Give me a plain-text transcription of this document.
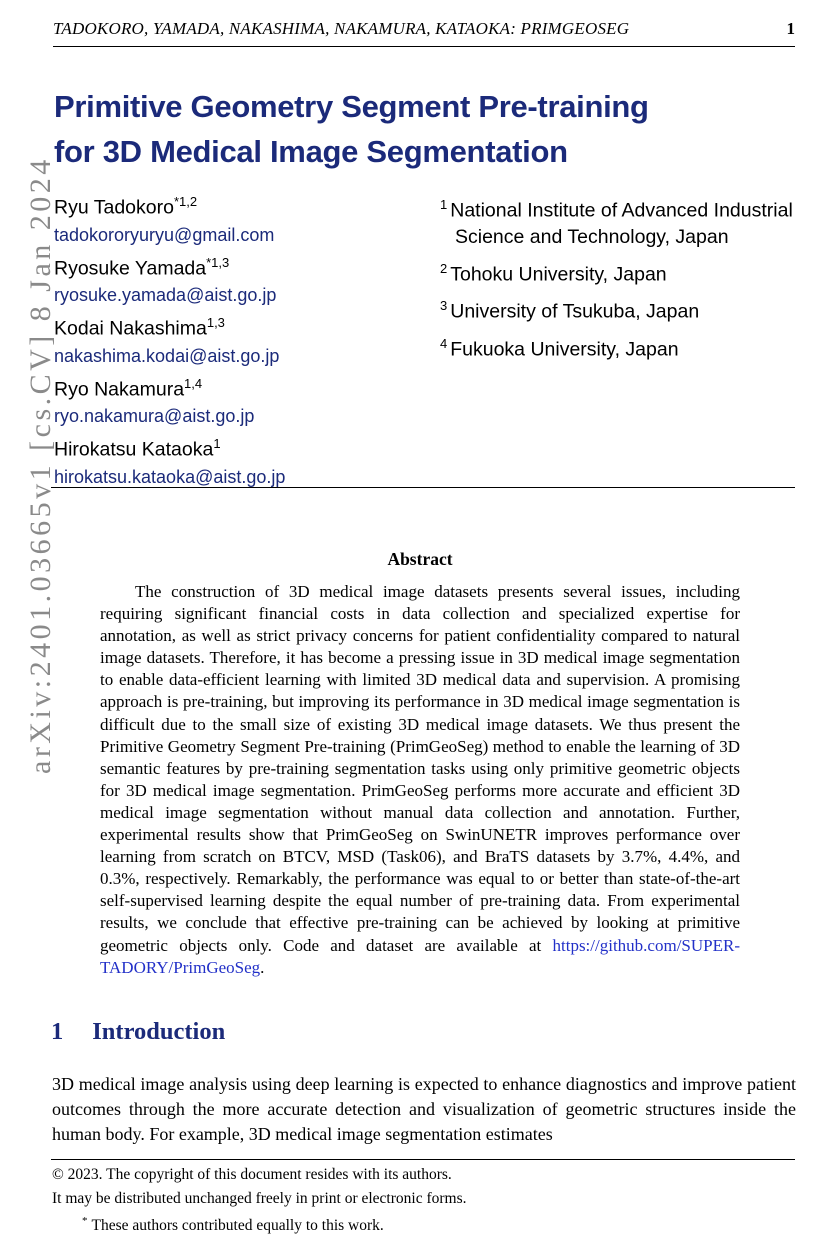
TADOKORO, YAMADA, NAKASHIMA, NAKAMURA, KATAOKA: PRIMGEOSEG	1
arXiv:2401.03665v1 [cs.CV] 8 Jan 2024
Primitive Geometry Segment Pre-training
for 3D Medical Image Segmentation
Ryu Tadokoro$^{*1,2}$
tadokororyuryu@gmail.com
Ryosuke Yamada$^{*1,3}$
ryosuke.yamada@aist.go.jp
Kodai Nakashima$^{1,3}$
nakashima.kodai@aist.go.jp
Ryo Nakamura$^{1,4}$
ryo.nakamura@aist.go.jp
Hirokatsu Kataoka$^1$
hirokatsu.kataoka@aist.go.jp
$^1$ National Institute of Advanced Industrial Science and Technology, Japan
$^2$ Tohoku University, Japan
$^3$ University of Tsukuba, Japan
$^4$ Fukuoka University, Japan
Abstract

The construction of 3D medical image datasets presents several issues, including requiring significant financial costs in data collection and specialized expertise for annotation, as well as strict privacy concerns for patient confidentiality compared to natural image datasets. Therefore, it has become a pressing issue in 3D medical image segmentation to enable data-efficient learning with limited 3D medical data and supervision. A promising approach is pre-training, but improving its performance in 3D medical image segmentation is difficult due to the small size of existing 3D medical image datasets. We thus present the Primitive Geometry Segment Pre-training (PrimGeoSeg) method to enable the learning of 3D semantic features by pre-training segmentation tasks using only primitive geometric objects for 3D medical image segmentation. PrimGeoSeg performs more accurate and efficient 3D medical image segmentation without manual data collection and annotation. Further, experimental results show that PrimGeoSeg on SwinUNETR improves performance over learning from scratch on BTCV, MSD (Task06), and BraTS datasets by 3.7%, 4.4%, and 0.3%, respectively. Remarkably, the performance was equal to or better than state-of-the-art self-supervised learning despite the equal number of pre-training data. From experimental results, we conclude that effective pre-training can be achieved by looking at primitive geometric objects only. Code and dataset are available at https://github.com/SUPER-TADORY/PrimGeoSeg.

1 Introduction

3D medical image analysis using deep learning is expected to enhance diagnostics and improve patient outcomes through the more accurate detection and visualization of geometric structures inside the human body. For example, 3D medical image segmentation estimates

© 2023. The copyright of this document resides with its authors.
It may be distributed unchanged freely in print or electronic forms.
* These authors contributed equally to this work.
